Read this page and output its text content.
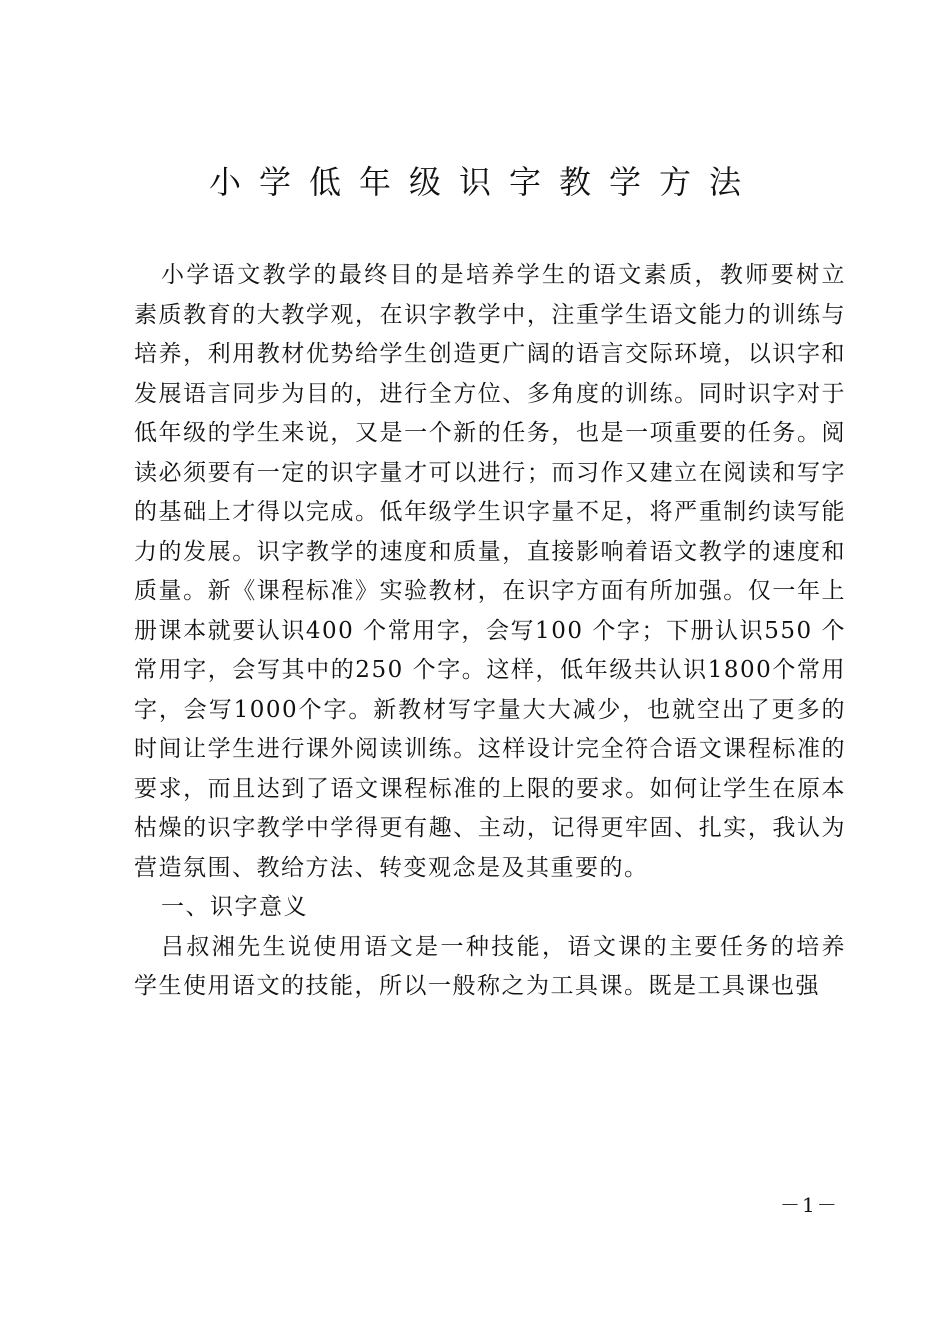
小学低年级识字教学方法

小学语文教学的最终目的是培养学生的语文素质，教师要树立素质教育的大教学观，在识字教学中，注重学生语文能力的训练与培养，利用教材优势给学生创造更广阔的语言交际环境，以识字和发展语言同步为目的，进行全方位、多角度的训练。同时识字对于低年级的学生来说，又是一个新的任务，也是一项重要的任务。阅读必须要有一定的识字量才可以进行；而习作又建立在阅读和写字的基础上才得以完成。低年级学生识字量不足，将严重制约读写能力的发展。识字教学的速度和质量，直接影响着语文教学的速度和质量。新《课程标准》实验教材，在识字方面有所加强。仅一年上册课本就要认识400 个常用字，会写100 个字；下册认识550 个常用字，会写其中的250 个字。这样，低年级共认识1800个常用字，会写1000个字。新教材写字量大大减少，也就空出了更多的时间让学生进行课外阅读训练。这样设计完全符合语文课程标准的要求，而且达到了语文课程标准的上限的要求。如何让学生在原本枯燥的识字教学中学得更有趣、主动，记得更牢固、扎实，我认为营造氛围、教给方法、转变观念是及其重要的。

一、识字意义

吕叔湘先生说使用语文是一种技能，语文课的主要任务的培养学生使用语文的技能，所以一般称之为工具课。既是工具课也强

－1－
